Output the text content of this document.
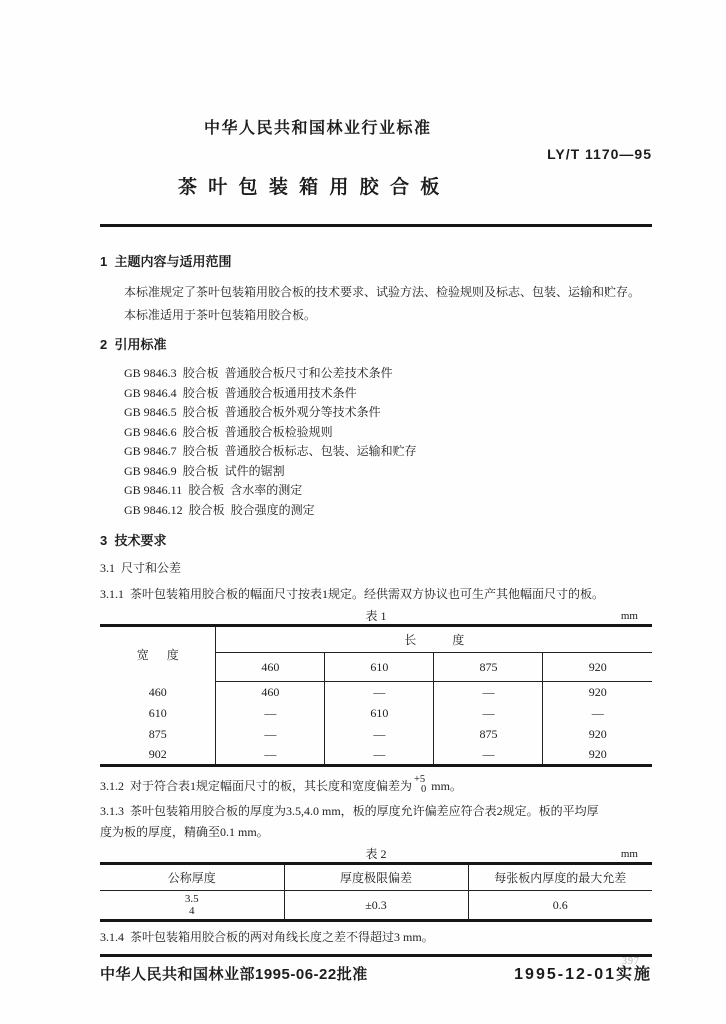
中华人民共和国林业行业标准
LY/T 1170—95
茶 叶 包 装 箱 用 胶 合 板
1  主题内容与适用范围
本标准规定了茶叶包装箱用胶合板的技术要求、试验方法、检验规则及标志、包装、运输和贮存。
本标准适用于茶叶包装箱用胶合板。
2  引用标准
GB 9846.3  胶合板  普通胶合板尺寸和公差技术条件
GB 9846.4  胶合板  普通胶合板通用技术条件
GB 9846.5  胶合板  普通胶合板外观分等技术条件
GB 9846.6  胶合板  普通胶合板检验规则
GB 9846.7  胶合板  普通胶合板标志、包装、运输和贮存
GB 9846.9  胶合板  试件的锯割
GB 9846.11  胶合板  含水率的测定
GB 9846.12  胶合板  胶合强度的测定
3  技术要求
3.1  尺寸和公差
3.1.1  茶叶包装箱用胶合板的幅面尺寸按表1规定。经供需双方协议也可生产其他幅面尺寸的板。
表 1	mm
宽      度	长            度			
	460	610	875	920
460	460	—	—	920
610	—	610	—	—
875	—	—	875	920
902	—	—	—	920
3.1.2  对于符合表1规定幅面尺寸的板，其长度和宽度偏差为 +5
0 mm。
3.1.3  茶叶包装箱用胶合板的厚度为3.5,4.0 mm，板的厚度允许偏差应符合表2规定。板的平均厚
度为板的厚度，精确至0.1 mm。
表 2	mm
公称厚度	厚度极限偏差	每张板内厚度的最大允差

3.5
4	±0.3	0.6
3.1.4  茶叶包装箱用胶合板的两对角线长度之差不得超过3 mm。
中华人民共和国林业部1995-06-22批准	1995-12-01实施
397
